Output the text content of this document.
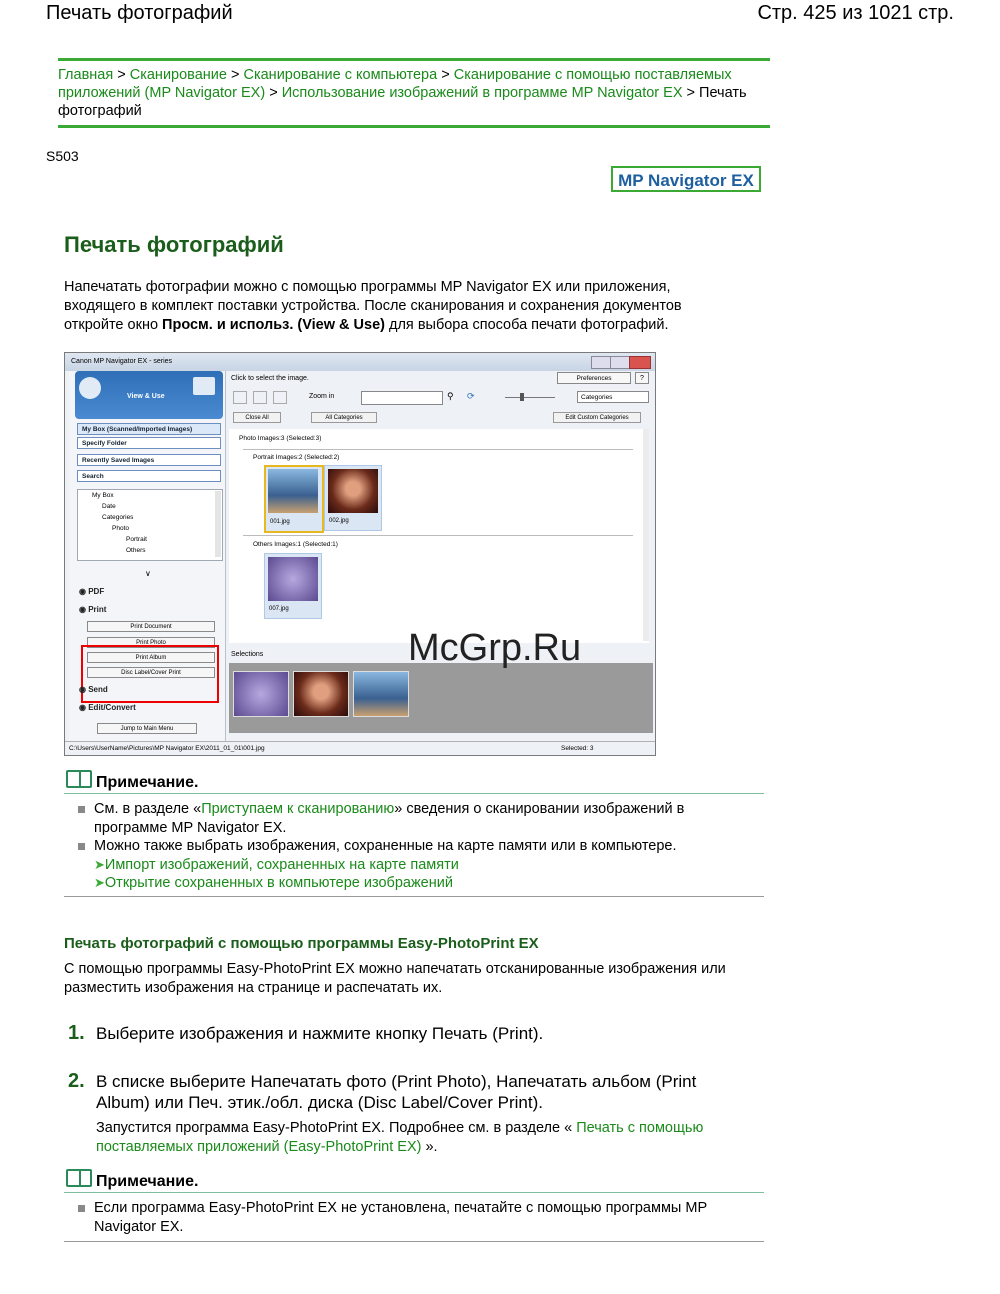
Печать фотографий	Стр. 425 из 1021 стр.
Главная > Сканирование > Сканирование с компьютера > Сканирование с помощью поставляемых приложений (MP Navigator EX) > Использование изображений в программе MP Navigator EX > Печать фотографий
S503
MP Navigator EX
Печать фотографий
Напечатать фотографии можно с помощью программы MP Navigator EX или приложения,
входящего в комплект поставки устройства. После сканирования и сохранения документов
откройте окно Просм. и использ. (View & Use) для выбора способа печати фотографий.
Canon MP Navigator EX - series
View & Use
My Box (Scanned/Imported Images)
Specify Folder
Recently Saved Images
Search
My Box
Date
Categories
Photo
Portrait
Others
∨
◉ PDF
◉ Print
Print Document
Print Photo
Print Album
Disc Label/Cover Print
◉ Send
◉ Edit/Convert
Jump to Main Menu
Click to select the image.	Preferences	?
Zoom in	⚲ ⟳	Categories
Close All	All Categories	Edit Custom Categories
Photo Images:3 (Selected:3)
Portrait Images:2 (Selected:2)
001.jpg	002.jpg
Others Images:1 (Selected:1)
007.jpg
Selections
C:\Users\UserName\Pictures\MP Navigator EX\2011_01_01\001.jpg	Selected: 3
McGrp.Ru
Примечание.
См. в разделе «Приступаем к сканированию» сведения о сканировании изображений в
программе MP Navigator EX.
Можно также выбрать изображения, сохраненные на карте памяти или в компьютере.
➤Импорт изображений, сохраненных на карте памяти
➤Открытие сохраненных в компьютере изображений
Печать фотографий с помощью программы Easy-PhotoPrint EX
С помощью программы Easy-PhotoPrint EX можно напечатать отсканированные изображения или
разместить изображения на странице и распечатать их.
1. Выберите изображения и нажмите кнопку Печать (Print).
2. В списке выберите Напечатать фото (Print Photo), Напечатать альбом (Print
Album) или Печ. этик./обл. диска (Disc Label/Cover Print).
Запустится программа Easy-PhotoPrint EX. Подробнее см. в разделе « Печать с помощью
поставляемых приложений (Easy-PhotoPrint EX) ».
Примечание.
Если программа Easy-PhotoPrint EX не установлена, печатайте с помощью программы MP
Navigator EX.
